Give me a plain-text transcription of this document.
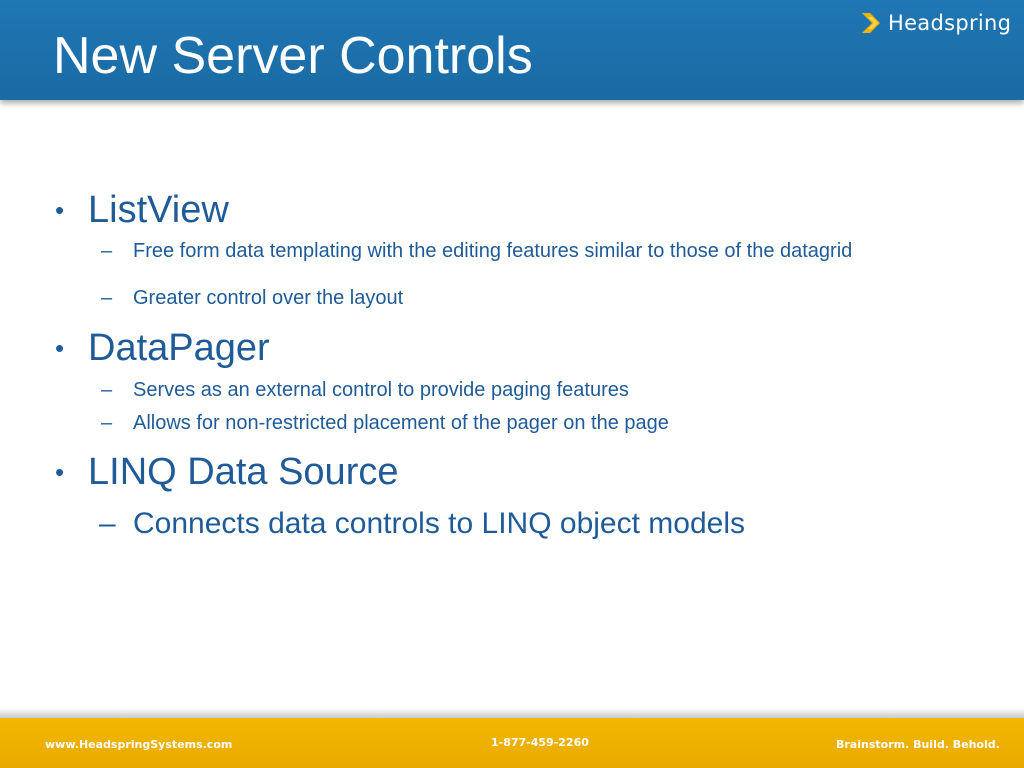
New Server Controls
Headspring
• ListView
– Free form data templating with the editing features similar to those of the datagrid
– Greater control over the layout
• DataPager
– Serves as an external control to provide paging features
– Allows for non-restricted placement of the pager on the page
• LINQ Data Source
– Connects data controls to LINQ object models
www.HeadspringSystems.com	1-877-459-2260	Brainstorm. Build. Behold.
